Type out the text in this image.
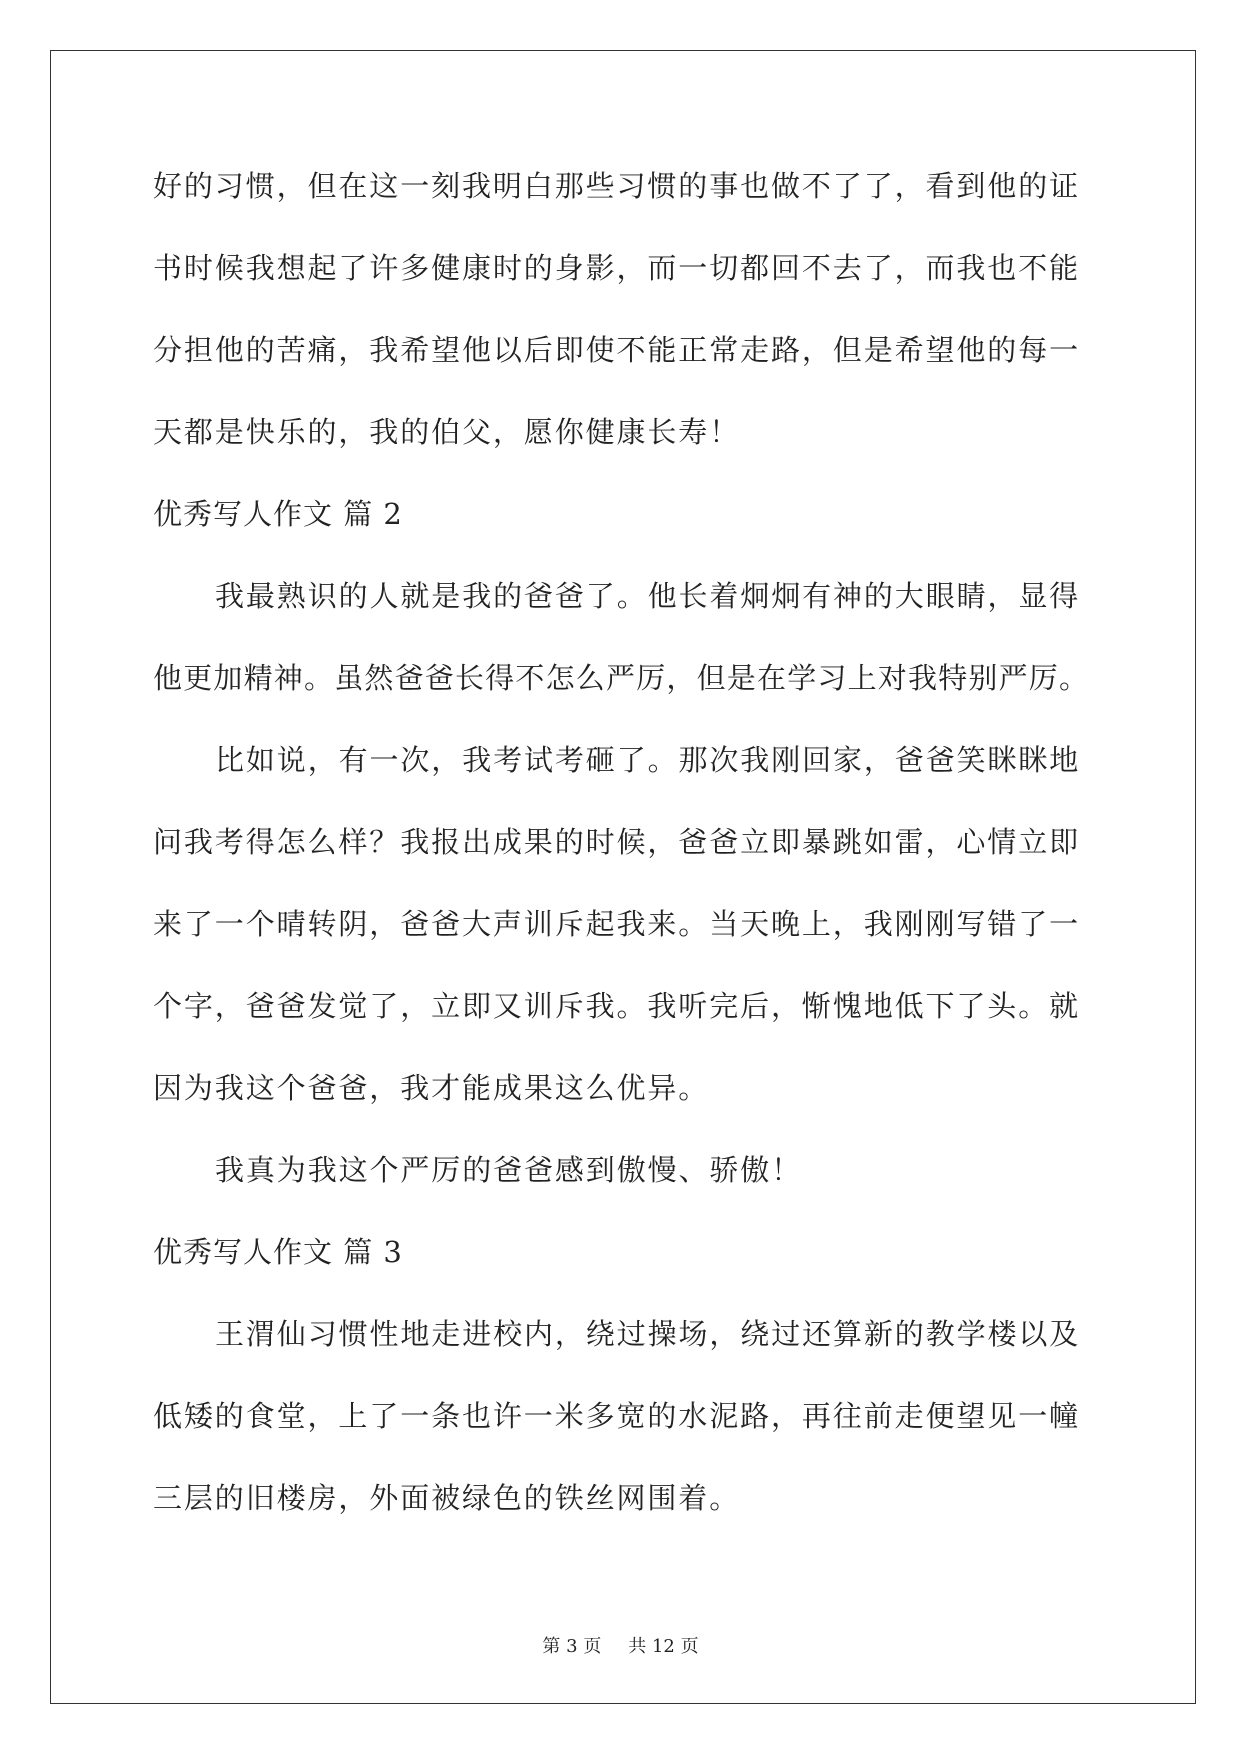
好的习惯，但在这一刻我明白那些习惯的事也做不了了，看到他的证
书时候我想起了许多健康时的身影，而一切都回不去了，而我也不能
分担他的苦痛，我希望他以后即使不能正常走路，但是希望他的每一
天都是快乐的，我的伯父，愿你健康长寿！
优秀写人作文 篇 2
我最熟识的人就是我的爸爸了。他长着炯炯有神的大眼睛，显得
他更加精神。虽然爸爸长得不怎么严厉，但是在学习上对我特别严厉。
比如说，有一次，我考试考砸了。那次我刚回家，爸爸笑眯眯地
问我考得怎么样？我报出成果的时候，爸爸立即暴跳如雷，心情立即
来了一个晴转阴，爸爸大声训斥起我来。当天晚上，我刚刚写错了一
个字，爸爸发觉了，立即又训斥我。我听完后，惭愧地低下了头。就
因为我这个爸爸，我才能成果这么优异。
我真为我这个严厉的爸爸感到傲慢、骄傲！
优秀写人作文 篇 3
王渭仙习惯性地走进校内，绕过操场，绕过还算新的教学楼以及
低矮的食堂，上了一条也许一米多宽的水泥路，再往前走便望见一幢
三层的旧楼房，外面被绿色的铁丝网围着。
第 3 页 共 12 页
